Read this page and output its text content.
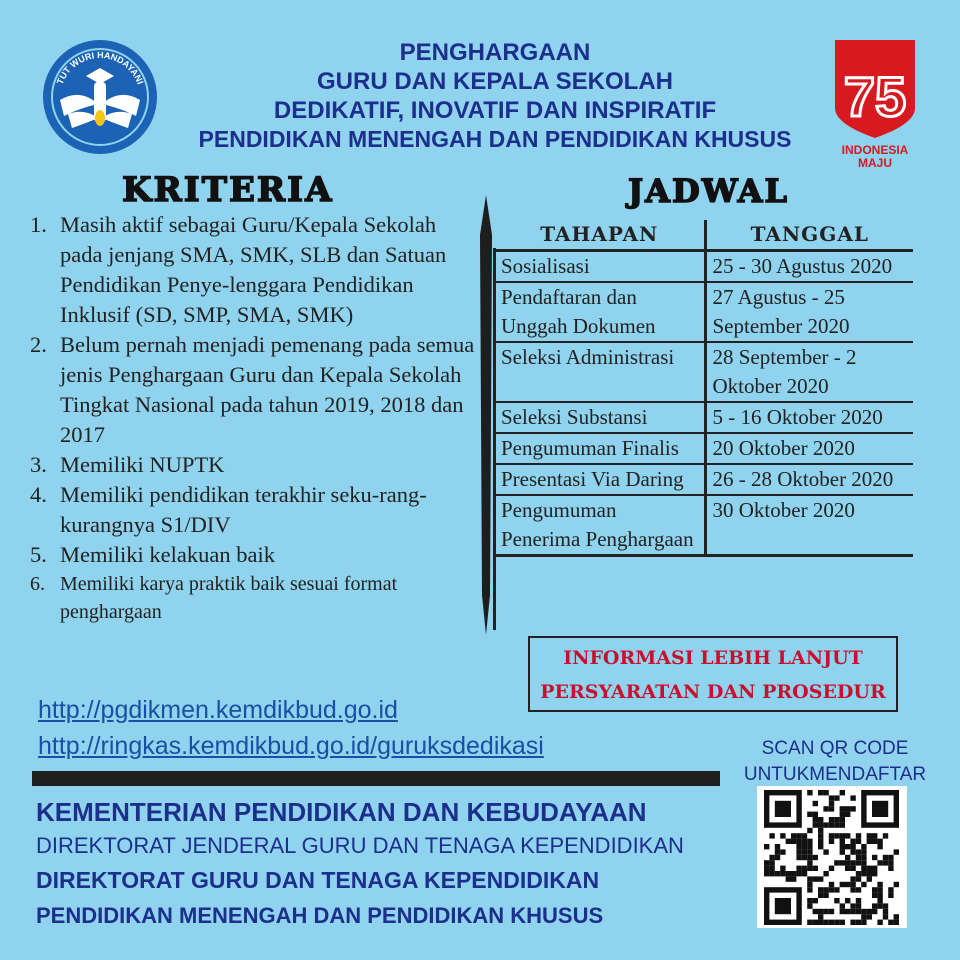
TUT WURI HANDAYANI	75
INDONESIA
MAJU
PENGHARGAAN
GURU DAN KEPALA SEKOLAH
DEDIKATIF, INOVATIF DAN INSPIRATIF
PENDIDIKAN MENENGAH DAN PENDIDIKAN KHUSUS
KRITERIA
1. Masih aktif sebagai Guru/Kepala Sekolah pada jenjang SMA, SMK, SLB dan Satuan Pendidikan Penye-lenggara Pendidikan Inklusif (SD, SMP, SMA, SMK)
2. Belum pernah menjadi pemenang pada semua jenis Penghargaan Guru dan Kepala Sekolah Tingkat Nasional pada tahun 2019, 2018 dan 2017
3. Memiliki NUPTK
4. Memiliki pendidikan terakhir seku-rang-kurangnya S1/DIV
5. Memiliki kelakuan baik
6. Memiliki karya praktik baik sesuai format penghargaan
http://pgdikmen.kemdikbud.go.id
http://ringkas.kemdikbud.go.id/guruksdedikasi
JADWAL
TAHAPAN	TANGGAL
Sosialisasi	25 - 30 Agustus 2020
Pendaftaran dan Unggah Dokumen	27 Agustus - 25 September 2020
Seleksi Administrasi	28 September - 2 Oktober 2020
Seleksi Substansi	5 - 16 Oktober 2020
Pengumuman Finalis	20 Oktober 2020
Presentasi Via Daring	26 - 28 Oktober 2020
Pengumuman Penerima Penghargaan	30 Oktober 2020
INFORMASI LEBIH LANJUT
PERSYARATAN DAN PROSEDUR
KEMENTERIAN PENDIDIKAN DAN KEBUDAYAAN
DIREKTORAT JENDERAL GURU DAN TENAGA KEPENDIDIKAN
DIREKTORAT GURU DAN TENAGA KEPENDIDIKAN
PENDIDIKAN MENENGAH DAN PENDIDIKAN KHUSUS
SCAN QR CODE
UNTUKMENDAFTAR
